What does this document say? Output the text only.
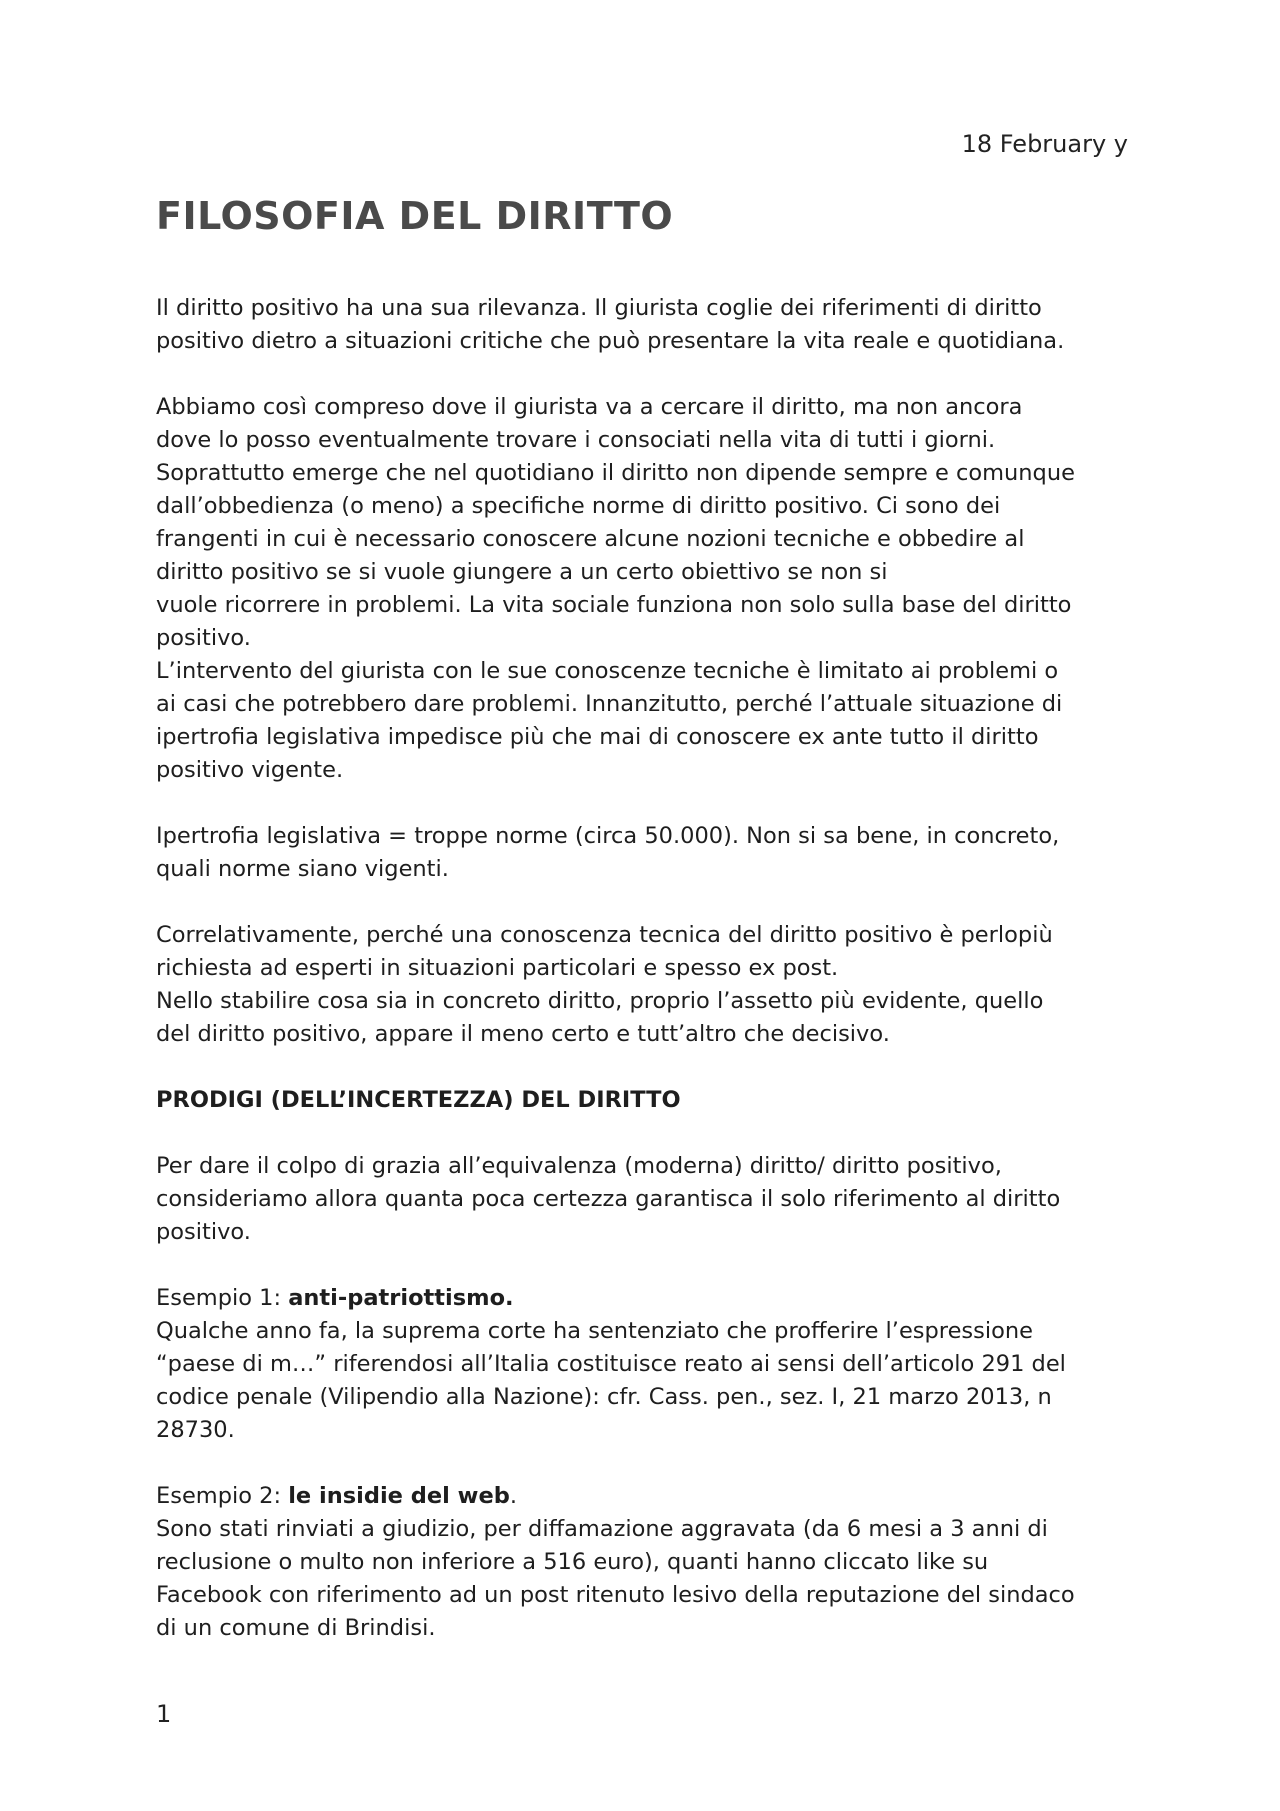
18 February y
FILOSOFIA DEL DIRITTO

Il diritto positivo ha una sua rilevanza. Il giurista coglie dei riferimenti di diritto
positivo dietro a situazioni critiche che può presentare la vita reale e quotidiana.

Abbiamo così compreso dove il giurista va a cercare il diritto, ma non ancora
dove lo posso eventualmente trovare i consociati nella vita di tutti i giorni.
Soprattutto emerge che nel quotidiano il diritto non dipende sempre e comunque
dall’obbedienza (o meno) a specifiche norme di diritto positivo. Ci sono dei
frangenti in cui è necessario conoscere alcune nozioni tecniche e obbedire al
diritto positivo se si vuole giungere a un certo obiettivo se non si
vuole ricorrere in problemi. La vita sociale funziona non solo sulla base del diritto
positivo.
L’intervento del giurista con le sue conoscenze tecniche è limitato ai problemi o
ai casi che potrebbero dare problemi. Innanzitutto, perché l’attuale situazione di
ipertrofia legislativa impedisce più che mai di conoscere ex ante tutto il diritto
positivo vigente.

Ipertrofia legislativa = troppe norme (circa 50.000). Non si sa bene, in concreto,
quali norme siano vigenti.

Correlativamente, perché una conoscenza tecnica del diritto positivo è perlopiù
richiesta ad esperti in situazioni particolari e spesso ex post.
Nello stabilire cosa sia in concreto diritto, proprio l’assetto più evidente, quello
del diritto positivo, appare il meno certo e tutt’altro che decisivo.

PRODIGI (DELL’INCERTEZZA) DEL DIRITTO

Per dare il colpo di grazia all’equivalenza (moderna) diritto/ diritto positivo,
consideriamo allora quanta poca certezza garantisca il solo riferimento al diritto
positivo.

Esempio 1: anti-patriottismo.
Qualche anno fa, la suprema corte ha sentenziato che profferire l’espressione
“paese di m…” riferendosi all’Italia costituisce reato ai sensi dell’articolo 291 del
codice penale (Vilipendio alla Nazione): cfr. Cass. pen., sez. I, 21 marzo 2013, n
28730.

Esempio 2: le insidie del web.
Sono stati rinviati a giudizio, per diffamazione aggravata (da 6 mesi a 3 anni di
reclusione o multo non inferiore a 516 euro), quanti hanno cliccato like su
Facebook con riferimento ad un post ritenuto lesivo della reputazione del sindaco
di un comune di Brindisi.

1
